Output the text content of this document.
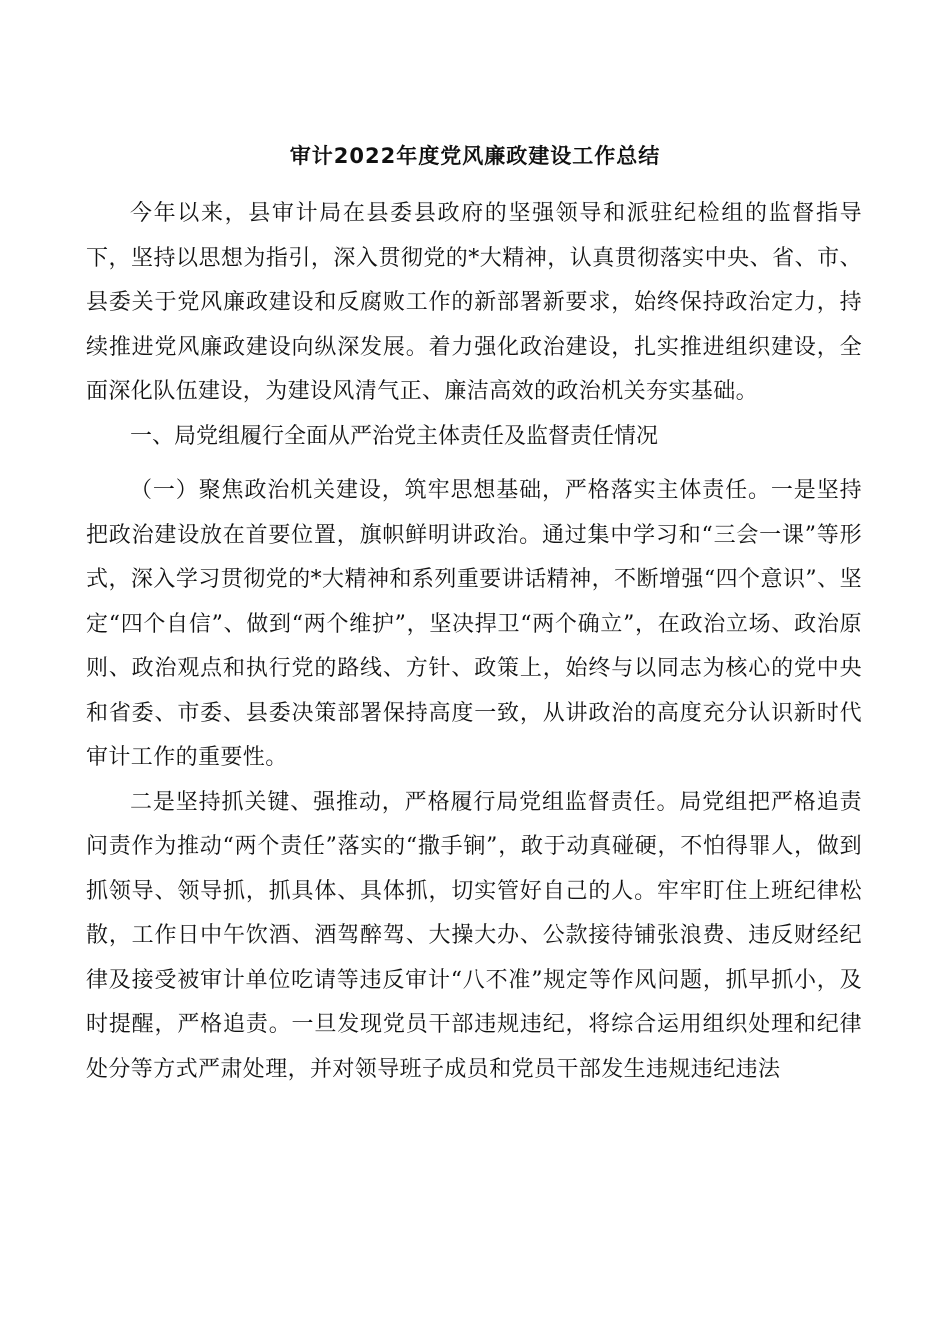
审计2022年度党风廉政建设工作总结

今年以来，县审计局在县委县政府的坚强领导和派驻纪检组的监督指导下，坚持以思想为指引，深入贯彻党的*大精神，认真贯彻落实中央、省、市、县委关于党风廉政建设和反腐败工作的新部署新要求，始终保持政治定力，持续推进党风廉政建设向纵深发展。着力强化政治建设，扎实推进组织建设，全面深化队伍建设，为建设风清气正、廉洁高效的政治机关夯实基础。

一、局党组履行全面从严治党主体责任及监督责任情况

（一）聚焦政治机关建设，筑牢思想基础，严格落实主体责任。一是坚持把政治建设放在首要位置，旗帜鲜明讲政治。通过集中学习和“三会一课”等形式，深入学习贯彻党的*大精神和系列重要讲话精神，不断增强“四个意识”、坚定“四个自信”、做到“两个维护”，坚决捍卫“两个确立”，在政治立场、政治原则、政治观点和执行党的路线、方针、政策上，始终与以同志为核心的党中央和省委、市委、县委决策部署保持高度一致，从讲政治的高度充分认识新时代审计工作的重要性。

二是坚持抓关键、强推动，严格履行局党组监督责任。局党组把严格追责问责作为推动“两个责任”落实的“撒手锏”，敢于动真碰硬，不怕得罪人，做到抓领导、领导抓，抓具体、具体抓，切实管好自己的人。牢牢盯住上班纪律松散，工作日中午饮酒、酒驾醉驾、大操大办、公款接待铺张浪费、违反财经纪律及接受被审计单位吃请等违反审计“八不准”规定等作风问题，抓早抓小，及时提醒，严格追责。一旦发现党员干部违规违纪，将综合运用组织处理和纪律处分等方式严肃处理，并对领导班子成员和党员干部发生违规违纪违法
